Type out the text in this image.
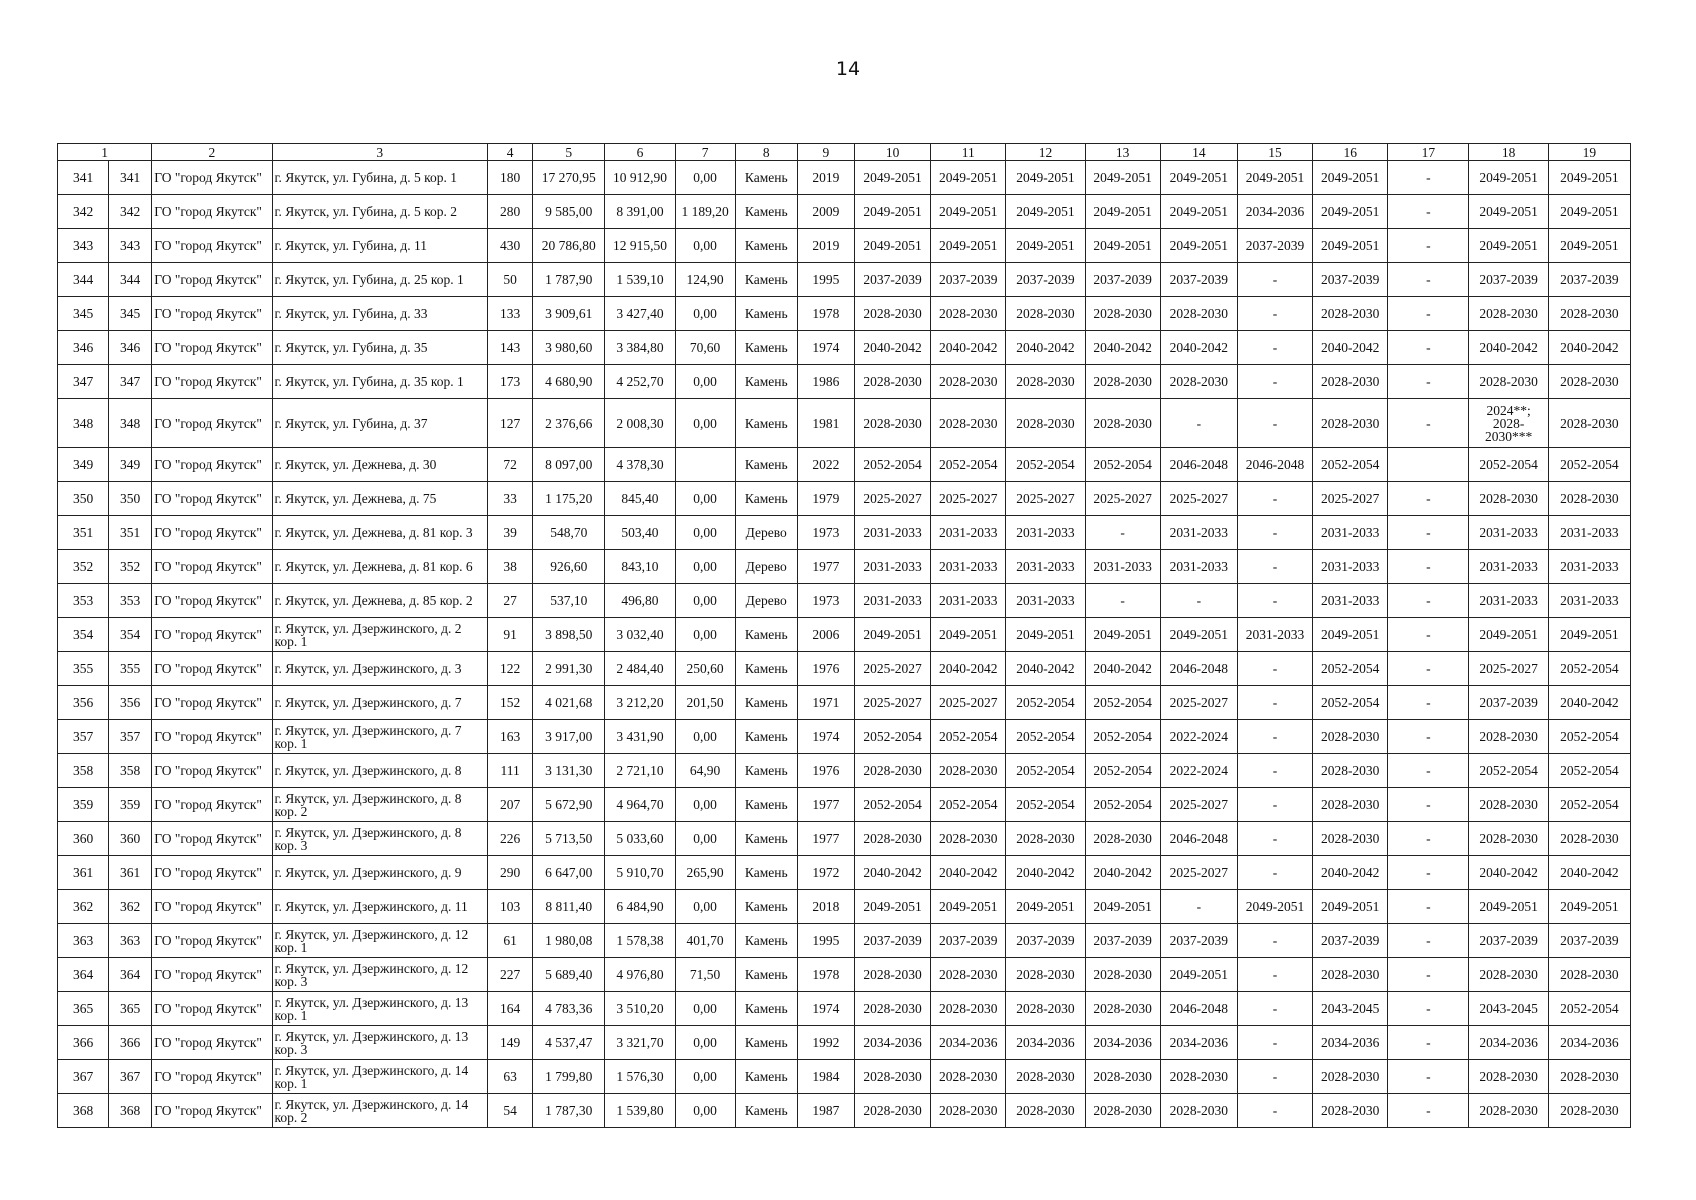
14
1		2	3	4	5	6	7	8	9	10	11	12	13	14	15	16	17	18	19
341	341	ГО "город Якутск"	г. Якутск, ул. Губина, д. 5 кор. 1	180	17 270,95	10 912,90	0,00	Камень	2019	2049-2051	2049-2051	2049-2051	2049-2051	2049-2051	2049-2051	2049-2051	-	2049-2051	2049-2051
342	342	ГО "город Якутск"	г. Якутск, ул. Губина, д. 5 кор. 2	280	9 585,00	8 391,00	1 189,20	Камень	2009	2049-2051	2049-2051	2049-2051	2049-2051	2049-2051	2034-2036	2049-2051	-	2049-2051	2049-2051
343	343	ГО "город Якутск"	г. Якутск, ул. Губина, д. 11	430	20 786,80	12 915,50	0,00	Камень	2019	2049-2051	2049-2051	2049-2051	2049-2051	2049-2051	2037-2039	2049-2051	-	2049-2051	2049-2051
344	344	ГО "город Якутск"	г. Якутск, ул. Губина, д. 25 кор. 1	50	1 787,90	1 539,10	124,90	Камень	1995	2037-2039	2037-2039	2037-2039	2037-2039	2037-2039	-	2037-2039	-	2037-2039	2037-2039
345	345	ГО "город Якутск"	г. Якутск, ул. Губина, д. 33	133	3 909,61	3 427,40	0,00	Камень	1978	2028-2030	2028-2030	2028-2030	2028-2030	2028-2030	-	2028-2030	-	2028-2030	2028-2030
346	346	ГО "город Якутск"	г. Якутск, ул. Губина, д. 35	143	3 980,60	3 384,80	70,60	Камень	1974	2040-2042	2040-2042	2040-2042	2040-2042	2040-2042	-	2040-2042	-	2040-2042	2040-2042
347	347	ГО "город Якутск"	г. Якутск, ул. Губина, д. 35 кор. 1	173	4 680,90	4 252,70	0,00	Камень	1986	2028-2030	2028-2030	2028-2030	2028-2030	2028-2030	-	2028-2030	-	2028-2030	2028-2030
348	348	ГО "город Якутск"	г. Якутск, ул. Губина, д. 37	127	2 376,66	2 008,30	0,00	Камень	1981	2028-2030	2028-2030	2028-2030	2028-2030	-	-	2028-2030	-	2024**; 2028-2030***	2028-2030
349	349	ГО "город Якутск"	г. Якутск, ул. Дежнева, д. 30	72	8 097,00	4 378,30		Камень	2022	2052-2054	2052-2054	2052-2054	2052-2054	2046-2048	2046-2048	2052-2054		2052-2054	2052-2054
350	350	ГО "город Якутск"	г. Якутск, ул. Дежнева, д. 75	33	1 175,20	845,40	0,00	Камень	1979	2025-2027	2025-2027	2025-2027	2025-2027	2025-2027	-	2025-2027	-	2028-2030	2028-2030
351	351	ГО "город Якутск"	г. Якутск, ул. Дежнева, д. 81 кор. 3	39	548,70	503,40	0,00	Дерево	1973	2031-2033	2031-2033	2031-2033	-	2031-2033	-	2031-2033	-	2031-2033	2031-2033
352	352	ГО "город Якутск"	г. Якутск, ул. Дежнева, д. 81 кор. 6	38	926,60	843,10	0,00	Дерево	1977	2031-2033	2031-2033	2031-2033	2031-2033	2031-2033	-	2031-2033	-	2031-2033	2031-2033
353	353	ГО "город Якутск"	г. Якутск, ул. Дежнева, д. 85 кор. 2	27	537,10	496,80	0,00	Дерево	1973	2031-2033	2031-2033	2031-2033	-	-	-	2031-2033	-	2031-2033	2031-2033
354	354	ГО "город Якутск"	г. Якутск, ул. Дзержинского, д. 2 кор. 1	91	3 898,50	3 032,40	0,00	Камень	2006	2049-2051	2049-2051	2049-2051	2049-2051	2049-2051	2031-2033	2049-2051	-	2049-2051	2049-2051
355	355	ГО "город Якутск"	г. Якутск, ул. Дзержинского, д. 3	122	2 991,30	2 484,40	250,60	Камень	1976	2025-2027	2040-2042	2040-2042	2040-2042	2046-2048	-	2052-2054	-	2025-2027	2052-2054
356	356	ГО "город Якутск"	г. Якутск, ул. Дзержинского, д. 7	152	4 021,68	3 212,20	201,50	Камень	1971	2025-2027	2025-2027	2052-2054	2052-2054	2025-2027	-	2052-2054	-	2037-2039	2040-2042
357	357	ГО "город Якутск"	г. Якутск, ул. Дзержинского, д. 7 кор. 1	163	3 917,00	3 431,90	0,00	Камень	1974	2052-2054	2052-2054	2052-2054	2052-2054	2022-2024	-	2028-2030	-	2028-2030	2052-2054
358	358	ГО "город Якутск"	г. Якутск, ул. Дзержинского, д. 8	111	3 131,30	2 721,10	64,90	Камень	1976	2028-2030	2028-2030	2052-2054	2052-2054	2022-2024	-	2028-2030	-	2052-2054	2052-2054
359	359	ГО "город Якутск"	г. Якутск, ул. Дзержинского, д. 8 кор. 2	207	5 672,90	4 964,70	0,00	Камень	1977	2052-2054	2052-2054	2052-2054	2052-2054	2025-2027	-	2028-2030	-	2028-2030	2052-2054
360	360	ГО "город Якутск"	г. Якутск, ул. Дзержинского, д. 8 кор. 3	226	5 713,50	5 033,60	0,00	Камень	1977	2028-2030	2028-2030	2028-2030	2028-2030	2046-2048	-	2028-2030	-	2028-2030	2028-2030
361	361	ГО "город Якутск"	г. Якутск, ул. Дзержинского, д. 9	290	6 647,00	5 910,70	265,90	Камень	1972	2040-2042	2040-2042	2040-2042	2040-2042	2025-2027	-	2040-2042	-	2040-2042	2040-2042
362	362	ГО "город Якутск"	г. Якутск, ул. Дзержинского, д. 11	103	8 811,40	6 484,90	0,00	Камень	2018	2049-2051	2049-2051	2049-2051	2049-2051	-	2049-2051	2049-2051	-	2049-2051	2049-2051
363	363	ГО "город Якутск"	г. Якутск, ул. Дзержинского, д. 12 кор. 1	61	1 980,08	1 578,38	401,70	Камень	1995	2037-2039	2037-2039	2037-2039	2037-2039	2037-2039	-	2037-2039	-	2037-2039	2037-2039
364	364	ГО "город Якутск"	г. Якутск, ул. Дзержинского, д. 12 кор. 3	227	5 689,40	4 976,80	71,50	Камень	1978	2028-2030	2028-2030	2028-2030	2028-2030	2049-2051	-	2028-2030	-	2028-2030	2028-2030
365	365	ГО "город Якутск"	г. Якутск, ул. Дзержинского, д. 13 кор. 1	164	4 783,36	3 510,20	0,00	Камень	1974	2028-2030	2028-2030	2028-2030	2028-2030	2046-2048	-	2043-2045	-	2043-2045	2052-2054
366	366	ГО "город Якутск"	г. Якутск, ул. Дзержинского, д. 13 кор. 3	149	4 537,47	3 321,70	0,00	Камень	1992	2034-2036	2034-2036	2034-2036	2034-2036	2034-2036	-	2034-2036	-	2034-2036	2034-2036
367	367	ГО "город Якутск"	г. Якутск, ул. Дзержинского, д. 14 кор. 1	63	1 799,80	1 576,30	0,00	Камень	1984	2028-2030	2028-2030	2028-2030	2028-2030	2028-2030	-	2028-2030	-	2028-2030	2028-2030
368	368	ГО "город Якутск"	г. Якутск, ул. Дзержинского, д. 14 кор. 2	54	1 787,30	1 539,80	0,00	Камень	1987	2028-2030	2028-2030	2028-2030	2028-2030	2028-2030	-	2028-2030	-	2028-2030	2028-2030
